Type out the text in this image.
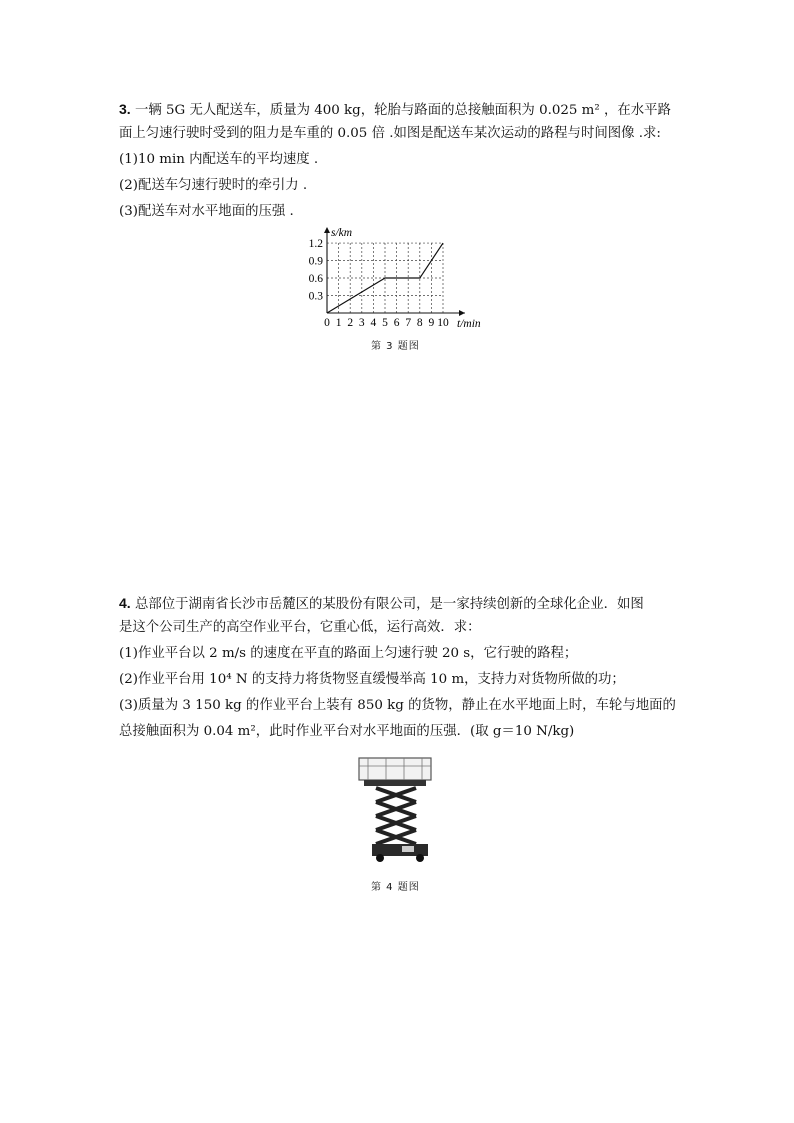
3. 一辆 5G 无人配送车，质量为 400 kg，轮胎与路面的总接触面积为 0.025 m² ，在水平路
面上匀速行驶时受到的阻力是车重的 0.05 倍 .如图是配送车某次运动的路程与时间图像 .求:
(1)10 min 内配送车的平均速度 .
(2)配送车匀速行驶时的牵引力 .
(3)配送车对水平地面的压强 .
0 1 2 3 4 5 6 7 8 9 10
0.3
0.6
0.9
1.2
s/km
t/min
第 3 题图
4. 总部位于湖南省长沙市岳麓区的某股份有限公司，是一家持续创新的全球化企业．如图
是这个公司生产的高空作业平台，它重心低，运行高效．求：
(1)作业平台以 2 m/s 的速度在平直的路面上匀速行驶 20 s，它行驶的路程；
(2)作业平台用 10⁴ N 的支持力将货物竖直缓慢举高 10 m，支持力对货物所做的功；
(3)质量为 3 150 kg 的作业平台上装有 850 kg 的货物，静止在水平地面上时，车轮与地面的
总接触面积为 0.04 m²，此时作业平台对水平地面的压强．(取 g＝10 N/kg)
第 4 题图
